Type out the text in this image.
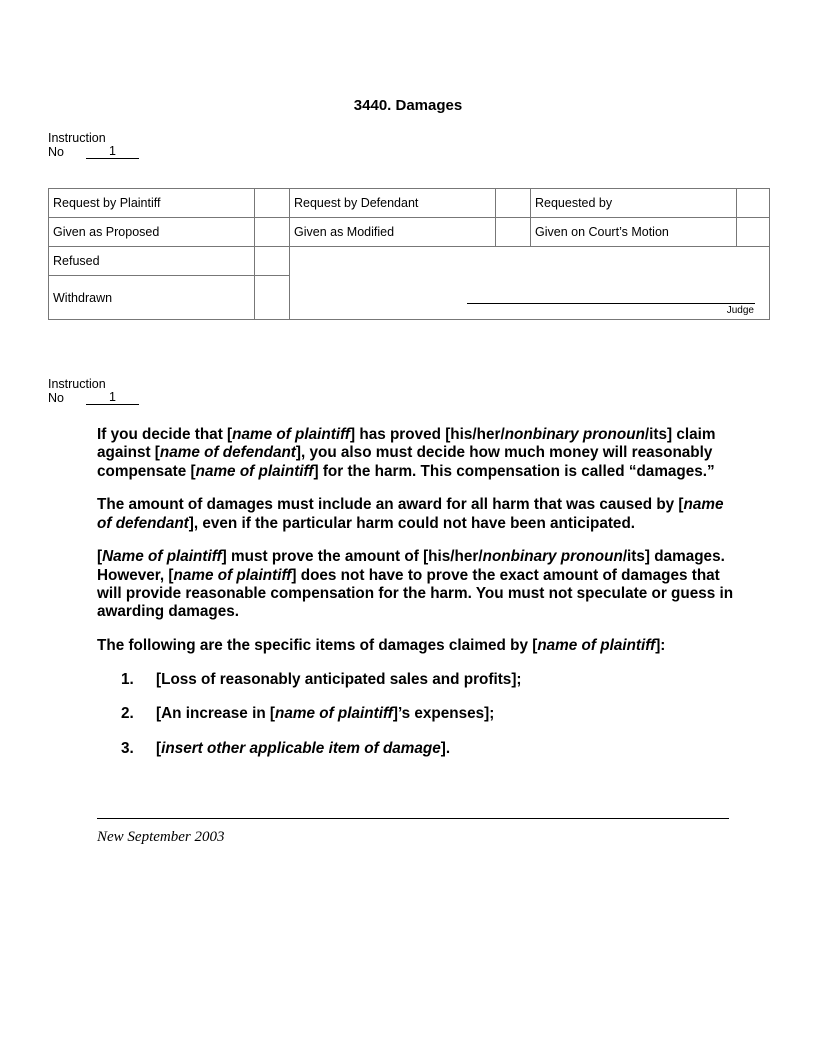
3440. Damages
Instruction
No	1
Request by Plaintiff		Request by Defendant		Requested by	
Given as Proposed		Given as Modified		Given on Court’s Motion	
Refused		Judge			

Withdrawn					
Instruction
No	1

If you decide that [name of plaintiff] has proved [his/her/nonbinary pronoun/its] claim against [name of defendant], you also must decide how much money will reasonably compensate [name of plaintiff] for the harm. This compensation is called “damages.”

The amount of damages must include an award for all harm that was caused by [name of defendant], even if the particular harm could not have been anticipated.

[Name of plaintiff] must prove the amount of [his/her/nonbinary pronoun/its] damages. However, [name of plaintiff] does not have to prove the exact amount of damages that will provide reasonable compensation for the harm. You must not speculate or guess in awarding damages.

The following are the specific items of damages claimed by [name of plaintiff]:

1.	[Loss of reasonably anticipated sales and profits];
2.	[An increase in [name of plaintiff]’s expenses];
3.	[insert other applicable item of damage].
New September 2003
